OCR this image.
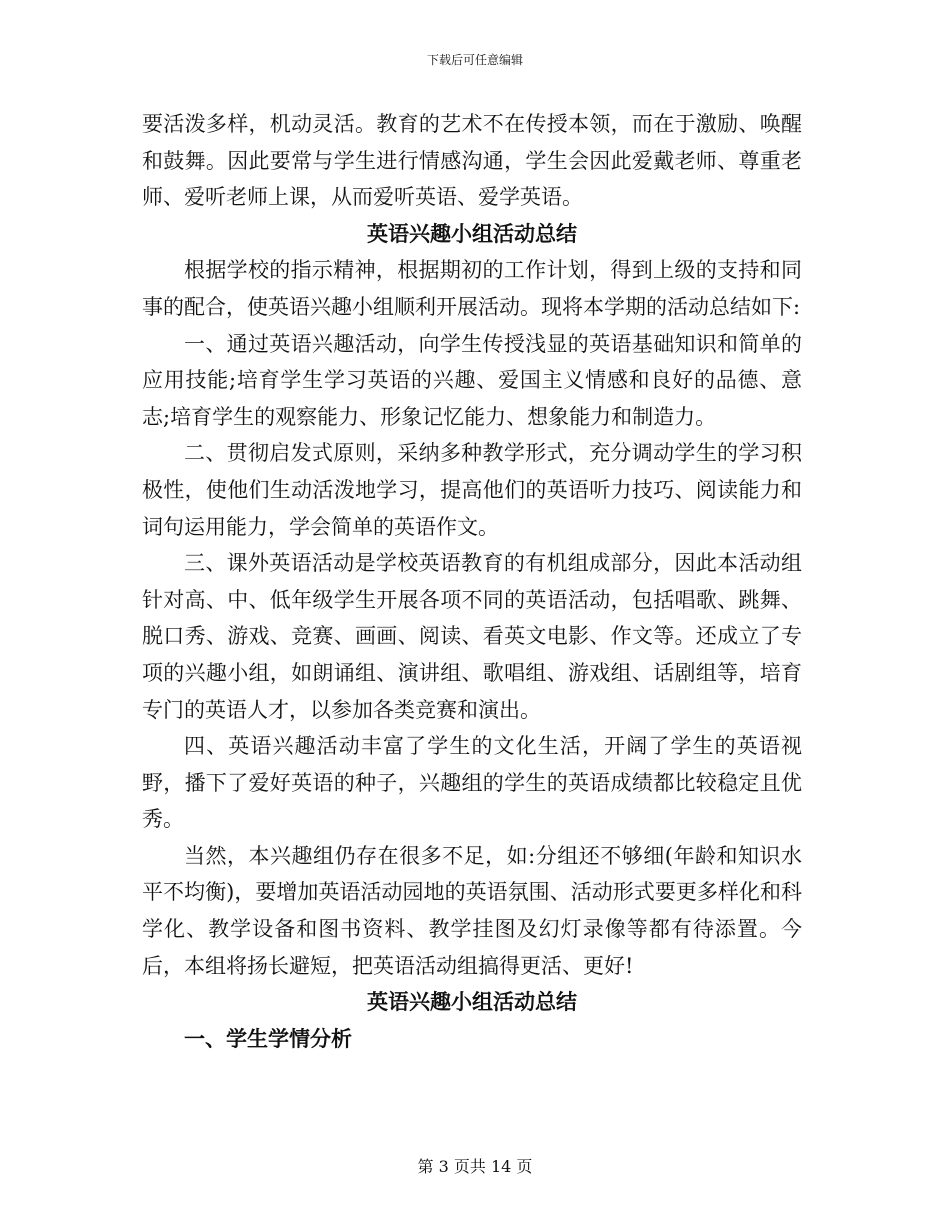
下载后可任意编辑

要活泼多样，机动灵活。教育的艺术不在传授本领，而在于激励、唤醒和鼓舞。因此要常与学生进行情感沟通，学生会因此爱戴老师、尊重老师、爱听老师上课，从而爱听英语、爱学英语。

英语兴趣小组活动总结

根据学校的指示精神，根据期初的工作计划，得到上级的支持和同事的配合，使英语兴趣小组顺利开展活动。现将本学期的活动总结如下:

一、通过英语兴趣活动，向学生传授浅显的英语基础知识和简单的应用技能;培育学生学习英语的兴趣、爱国主义情感和良好的品德、意志;培育学生的观察能力、形象记忆能力、想象能力和制造力。

二、贯彻启发式原则，采纳多种教学形式，充分调动学生的学习积极性，使他们生动活泼地学习，提高他们的英语听力技巧、阅读能力和词句运用能力，学会简单的英语作文。

三、课外英语活动是学校英语教育的有机组成部分，因此本活动组针对高、中、低年级学生开展各项不同的英语活动，包括唱歌、跳舞、脱口秀、游戏、竞赛、画画、阅读、看英文电影、作文等。还成立了专项的兴趣小组，如朗诵组、演讲组、歌唱组、游戏组、话剧组等，培育专门的英语人才，以参加各类竞赛和演出。

四、英语兴趣活动丰富了学生的文化生活，开阔了学生的英语视野，播下了爱好英语的种子，兴趣组的学生的英语成绩都比较稳定且优秀。

当然，本兴趣组仍存在很多不足，如:分组还不够细(年龄和知识水平不均衡)，要增加英语活动园地的英语氛围、活动形式要更多样化和科学化、教学设备和图书资料、教学挂图及幻灯录像等都有待添置。今后，本组将扬长避短，把英语活动组搞得更活、更好!

英语兴趣小组活动总结

一、学生学情分析

第 3 页共 14 页
